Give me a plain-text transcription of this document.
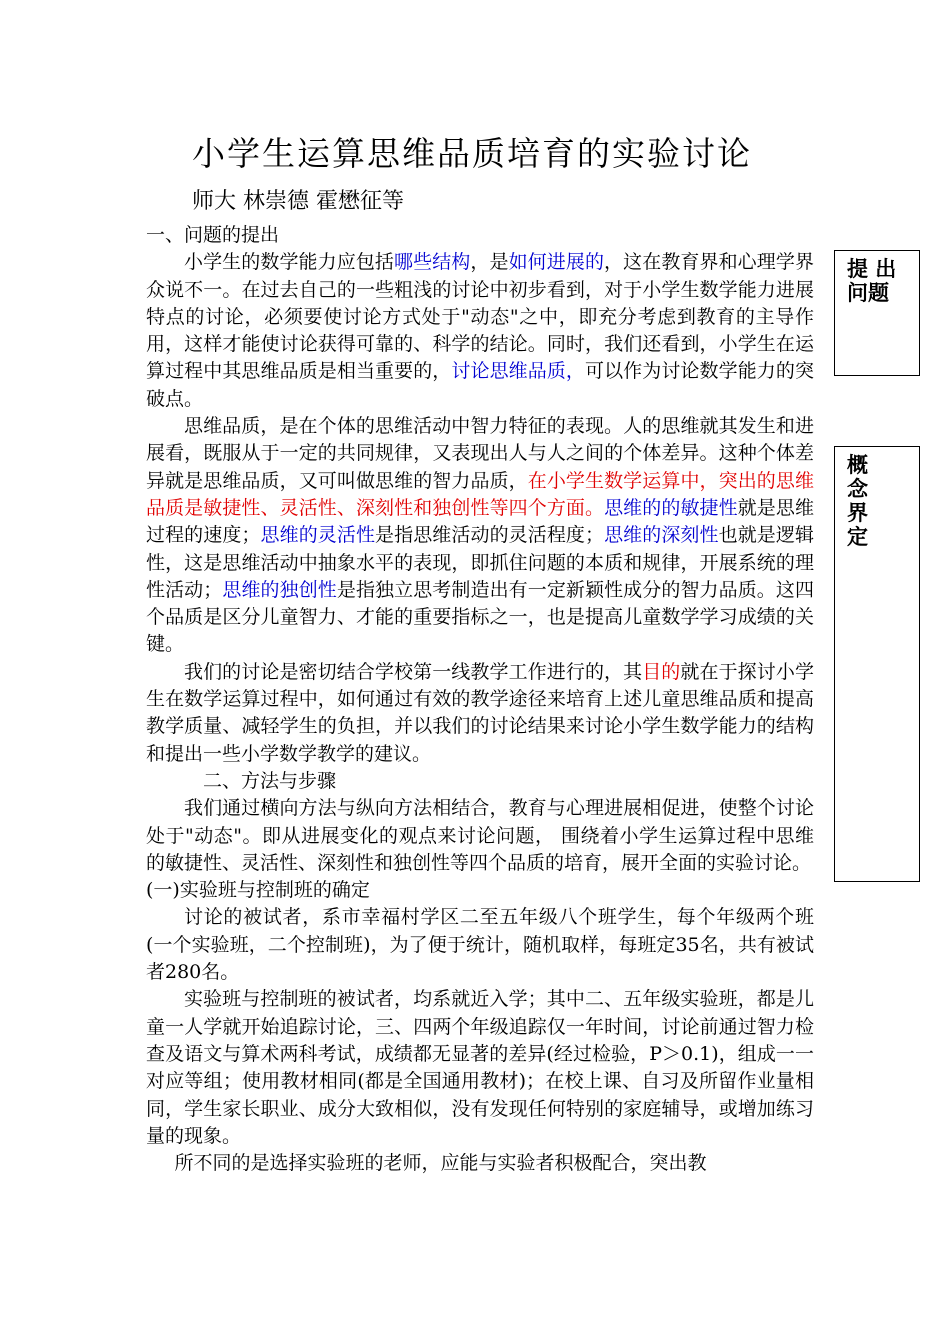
小学生运算思维品质培育的实验讨论
师大 林崇德 霍懋征等
提 出问题
概念界定

一、问题的提出

小学生的数学能力应包括哪些结构，是如何进展的，这在教育界和心理学界众说不一。在过去自己的一些粗浅的讨论中初步看到，对于小学生数学能力进展特点的讨论，必须要使讨论方式处于"动态"之中，即充分考虑到教育的主导作用，这样才能使讨论获得可靠的、科学的结论。同时，我们还看到，小学生在运算过程中其思维品质是相当重要的，讨论思维品质，可以作为讨论数学能力的突破点。

思维品质，是在个体的思维活动中智力特征的表现。人的思维就其发生和进展看，既服从于一定的共同规律，又表现出人与人之间的个体差异。这种个体差异就是思维品质，又可叫做思维的智力品质，在小学生数学运算中，突出的思维品质是敏捷性、灵活性、深刻性和独创性等四个方面。思维的的敏捷性就是思维过程的速度；思维的灵活性是指思维活动的灵活程度；思维的深刻性也就是逻辑性，这是思维活动中抽象水平的表现，即抓住问题的本质和规律，开展系统的理性活动；思维的独创性是指独立思考制造出有一定新颖性成分的智力品质。这四个品质是区分儿童智力、才能的重要指标之一，也是提高儿童数学学习成绩的关键。

我们的讨论是密切结合学校第一线教学工作进行的，其目的就在于探讨小学生在数学运算过程中，如何通过有效的教学途径来培育上述儿童思维品质和提高教学质量、减轻学生的负担，并以我们的讨论结果来讨论小学生数学能力的结构和提出一些小学数学教学的建议。

二、方法与步骤

我们通过横向方法与纵向方法相结合，教育与心理进展相促进，使整个讨论处于"动态"。即从进展变化的观点来讨论问题， 围绕着小学生运算过程中思维的敏捷性、灵活性、深刻性和独创性等四个品质的培育，展开全面的实验讨论。

(一)实验班与控制班的确定

讨论的被试者，系市幸福村学区二至五年级八个班学生，每个年级两个班(一个实验班，二个控制班)，为了便于统计，随机取样，每班定35名，共有被试者280名。

实验班与控制班的被试者，均系就近入学；其中二、五年级实验班，都是儿童一人学就开始追踪讨论，三、四两个年级追踪仅一年时间，讨论前通过智力检查及语文与算术两科考试，成绩都无显著的差异(经过检验，P＞0.1)，组成一一对应等组；使用教材相同(都是全国通用教材)；在校上课、自习及所留作业量相同，学生家长职业、成分大致相似，没有发现任何特别的家庭辅导，或增加练习量的现象。

所不同的是选择实验班的老师，应能与实验者积极配合，突出教
